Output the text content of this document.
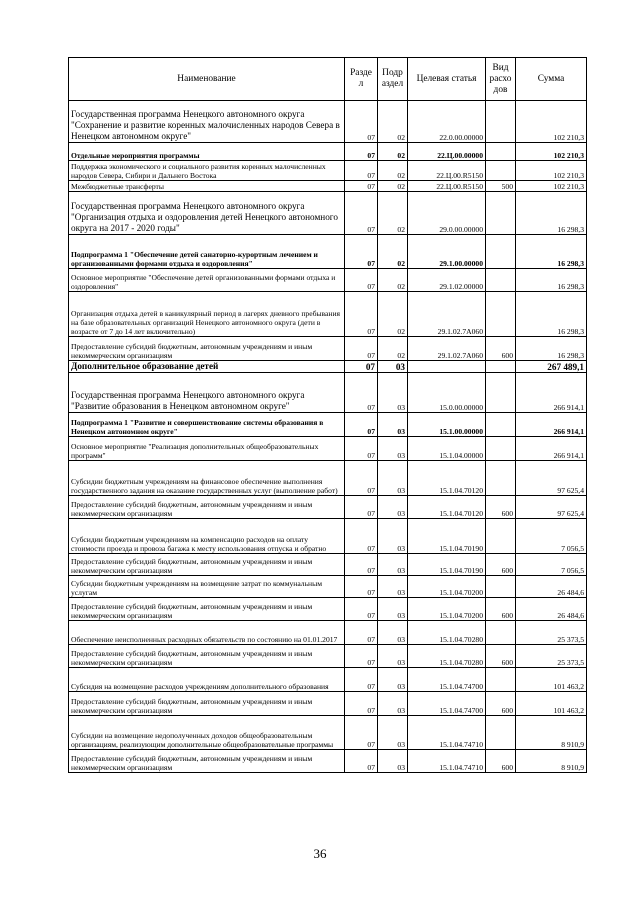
Наименование	Разде л	Подр аздел	Целевая статья	Вид расхо дов	Сумма
Государственная программа Ненецкого автономного округа "Сохранение и развитие коренных малочисленных народов Севера в Ненецком автономном округе"	07	02	22.0.00.00000		102 210,3
Отдельные мероприятия программы	07	02	22.Ц.00.00000		102 210,3
Поддержка экономического и социального развития коренных малочисленных народов Севера, Сибири и Дальнего Востока	07	02	22.Ц.00.R5150		102 210,3
Межбюджетные трансферты	07	02	22.Ц.00.R5150	500	102 210,3
Государственная программа Ненецкого автономного округа "Организация отдыха и оздоровления детей Ненецкого автономного округа на 2017 - 2020 годы"	07	02	29.0.00.00000		16 298,3
Подпрограмма 1 "Обеспечение детей санаторно-курортным лечением и организованными формами отдыха и оздоровления"	07	02	29.1.00.00000		16 298,3
Основное мероприятие "Обеспечение детей организованными формами отдыха и оздоровления"	07	02	29.1.02.00000		16 298,3
Организация отдыха детей в каникулярный период в лагерях дневного пребывания на базе образовательных организаций Ненецкого автономного округа (дети в возрасте от 7 до 14 лет включительно)	07	02	29.1.02.7А060		16 298,3
Предоставление субсидий бюджетным, автономным учреждениям и иным некоммерческим организациям	07	02	29.1.02.7А060	600	16 298,3
Дополнительное образование детей	07	03			267 489,1
Государственная программа Ненецкого автономного округа "Развитие образования в Ненецком автономном округе"	07	03	15.0.00.00000		266 914,1
Подпрограмма 1 "Развитие и совершенствование системы образования в Ненецком автономном округе"	07	03	15.1.00.00000		266 914,1
Основное мероприятие "Реализация дополнительных общеобразовательных программ"	07	03	15.1.04.00000		266 914,1
Субсидии бюджетным учреждениям на финансовое обеспечение выполнения государственного задания на оказание государственных услуг (выполнение работ)	07	03	15.1.04.70120		97 625,4
Предоставление субсидий бюджетным, автономным учреждениям и иным некоммерческим организациям	07	03	15.1.04.70120	600	97 625,4
Субсидии бюджетным учреждениям на компенсацию расходов на оплату стоимости проезда и провоза багажа к месту использования отпуска и обратно	07	03	15.1.04.70190		7 056,5
Предоставление субсидий бюджетным, автономным учреждениям и иным некоммерческим организациям	07	03	15.1.04.70190	600	7 056,5
Субсидии бюджетным учреждениям на возмещение затрат по коммунальным услугам	07	03	15.1.04.70200		26 484,6
Предоставление субсидий бюджетным, автономным учреждениям и иным некоммерческим организациям	07	03	15.1.04.70200	600	26 484,6
Обеспечение неисполненных расходных обязательств по состоянию на 01.01.2017	07	03	15.1.04.70280		25 373,5
Предоставление субсидий бюджетным, автономным учреждениям и иным некоммерческим организациям	07	03	15.1.04.70280	600	25 373,5
Субсидия на возмещение расходов учреждениям дополнительного образования	07	03	15.1.04.74700		101 463,2
Предоставление субсидий бюджетным, автономным учреждениям и иным некоммерческим организациям	07	03	15.1.04.74700	600	101 463,2
Субсидии на возмещение недополученных доходов общеобразовательным организациям, реализующим дополнительные общеобразовательные программы	07	03	15.1.04.74710		8 910,9
Предоставление субсидий бюджетным, автономным учреждениям и иным некоммерческим организациям	07	03	15.1.04.74710	600	8 910,9
36
